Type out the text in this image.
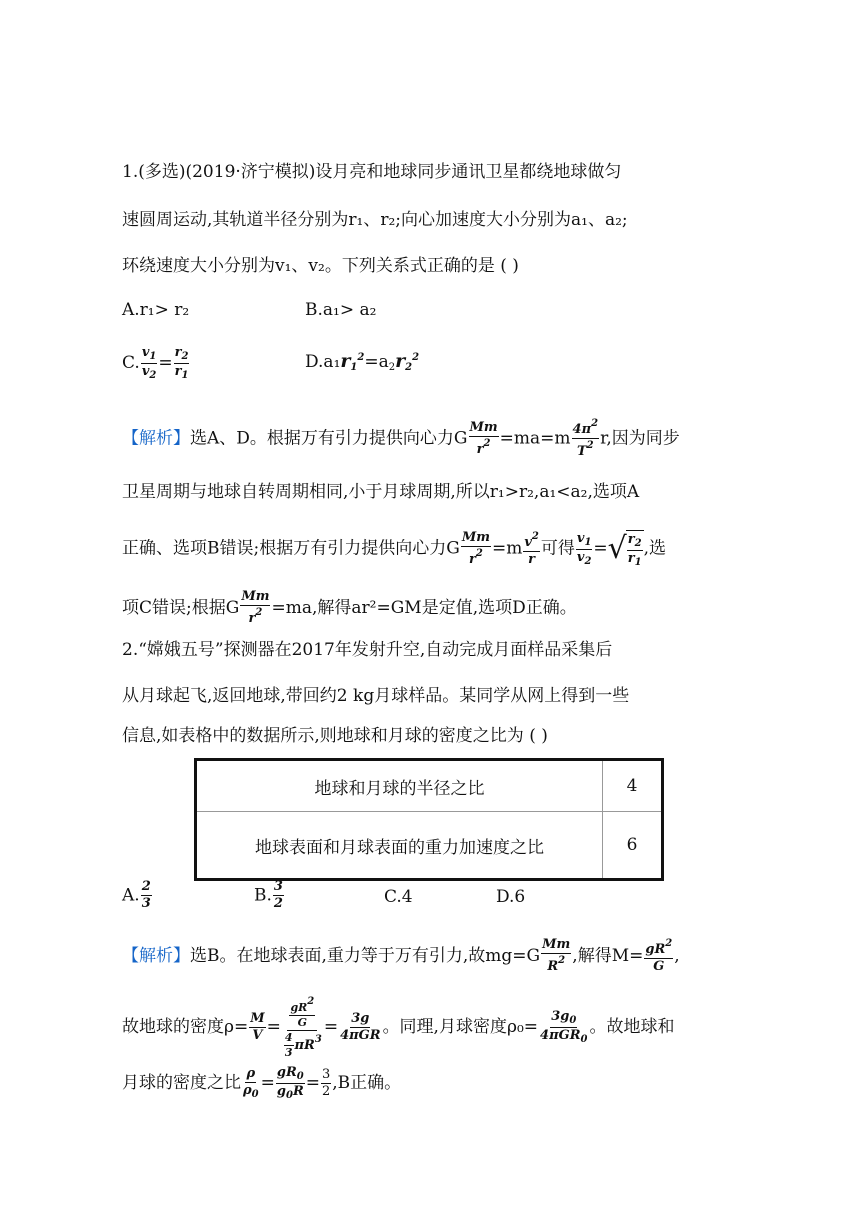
1.(多选)(2019·济宁模拟)设月亮和地球同步通讯卫星都绕地球做匀
速圆周运动,其轨道半径分别为r₁、r₂;向心加速度大小分别为a₁、a₂;
环绕速度大小分别为v₁、v₂。下列关系式正确的是 ( )
A.r₁> r₂	B.a₁> a₂
C. $\frac{v_1}{v_2} = \frac{r_2}{r_1}$	$D.a_1r_1^2=a_2r_2^2$
【解析】选A、D。根据万有引力提供向心力G $\frac{Mm}{r^2} =ma=m \frac{4\pi^2}{T^2} r$,因为同步
卫星周期与地球自转周期相同,小于月球周期,所以r₁>r₂,a₁<a₂,选项A
正确、选项B错误;根据万有引力提供向心力G $\frac{Mm}{r^2} =m \frac{v^2}{r}$ 可得 $\frac{v_1}{v_2}$ = √ $\frac{r_2}{r_1}$ ,选
项C错误;根据G $\frac{Mm}{r^2} =ma$,解得ar²=GM是定值,选项D正确。
2.“嫦娥五号”探测器在2017年发射升空,自动完成月面样品采集后
从月球起飞,返回地球,带回约2 kg月球样品。某同学从网上得到一些
信息,如表格中的数据所示,则地球和月球的密度之比为 ( )
地球和月球的半径之比	4
地球表面和月球表面的重力加速度之比	6
A. $\frac{2}{3}$	B. $\frac{3}{2}$	C.4	D.6
【解析】选B。在地球表面,重力等于万有引力,故$mg=G \frac{Mm}{R^2}$ ,解得$M= \frac{gR^2}{G}$ ,
故地球的密度$\rho= \frac{M}{V} = \frac{\frac{gR^2}{G}}{\frac{4}{3} \pi R^3} = \frac{3g}{\text{4πGR}}$ 。同理,月球密度$\rho_0= \frac{3g_0}{4\pi GR_0}$ 。故地球和
月球的密度之比 $\frac{\rho}{\rho_0} = \frac{gR_0}{g_0R} = \frac{3}{2} ,B$正确。
